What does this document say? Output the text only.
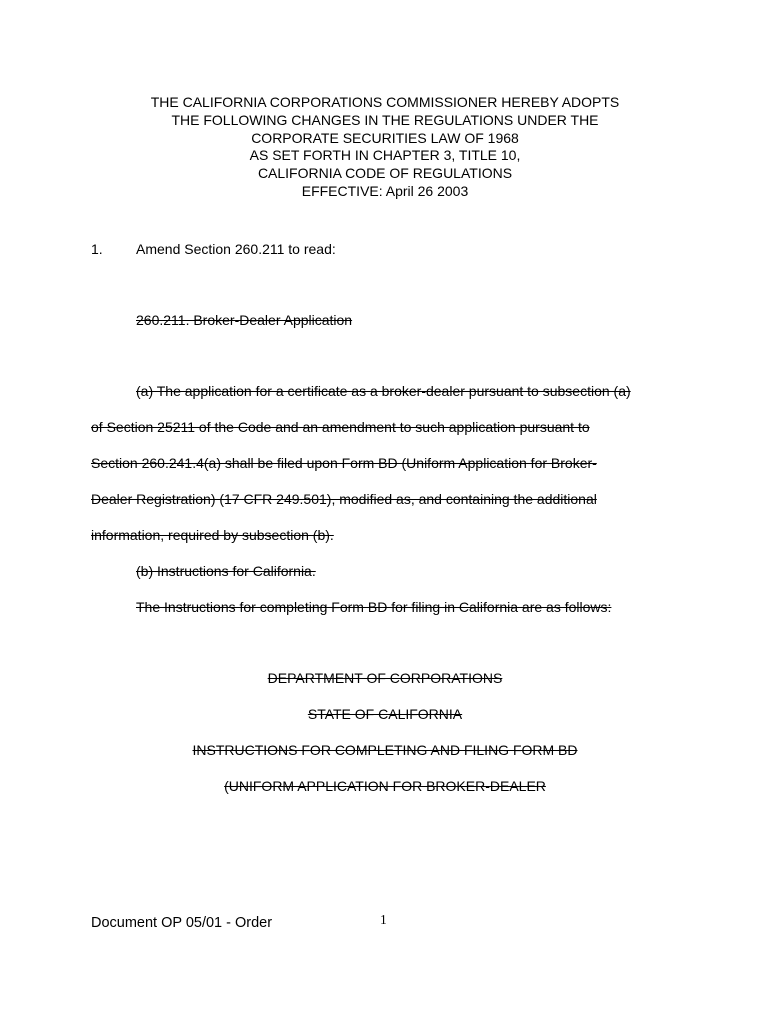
THE CALIFORNIA CORPORATIONS COMMISSIONER HEREBY ADOPTS
THE FOLLOWING CHANGES IN THE REGULATIONS UNDER THE
CORPORATE SECURITIES LAW OF 1968
AS SET FORTH IN CHAPTER 3, TITLE 10,
CALIFORNIA CODE OF REGULATIONS
EFFECTIVE: April 26 2003
1. Amend Section 260.211 to read:
260.211. Broker-Dealer Application
(a) The application for a certificate as a broker-dealer pursuant to subsection (a)
of Section 25211 of the Code and an amendment to such application pursuant to
Section 260.241.4(a) shall be filed upon Form BD (Uniform Application for Broker-
Dealer Registration) (17 CFR 249.501), modified as, and containing the additional
information, required by subsection (b).
(b) Instructions for California.
The Instructions for completing Form BD for filing in California are as follows:
DEPARTMENT OF CORPORATIONS
STATE OF CALIFORNIA
INSTRUCTIONS FOR COMPLETING AND FILING FORM BD
(UNIFORM APPLICATION FOR BROKER-DEALER
Document OP 05/01 - Order	1
